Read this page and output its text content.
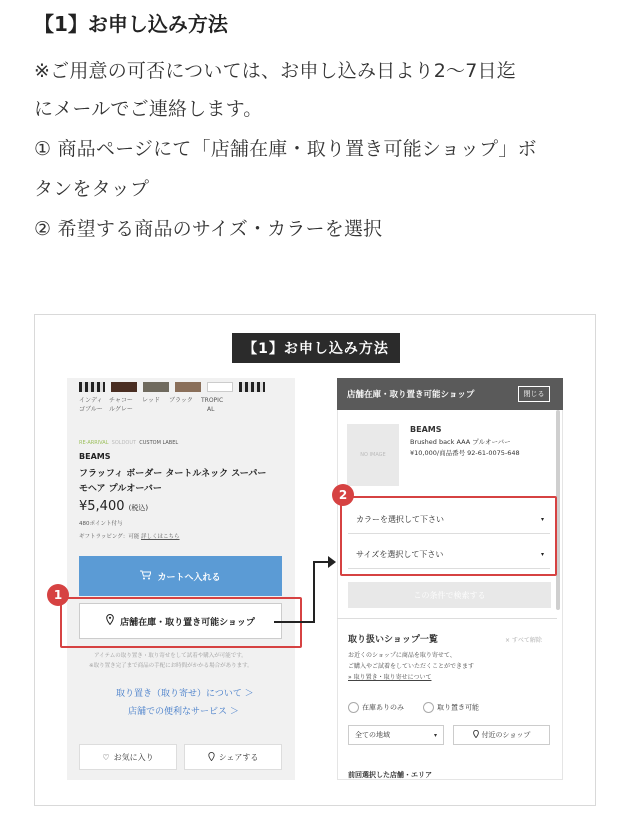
【1】お申し込み方法
※ご用意の可否については、お申し込み日より2〜7日迄
にメールでご連絡します。
① 商品ページにて「店舗在庫・取り置き可能ショップ」ボ
タンをタップ
② 希望する商品のサイズ・カラーを選択
【1】お申し込み方法
インディ チャコー レッド ブラック TROPIC
ゴブルー ルグレー	AL
RE-ARRIVAL SOLDOUT CUSTOM LABEL
BEAMS
フラッフィ ボーダー タートルネック スーパー
モヘア プルオーバー
¥5,400 (税込)
480ポイント付与
ギフトラッピング：可能 詳しくはこちら
カートへ入れる
店舗在庫・取り置き可能ショップ
1
アイテムの取り置き・取り寄せをして試着や購入が可能です。
※取り置き完了まで商品の手配にお時間がかかる場合があります。
取り置き（取り寄せ）について ＞
店舗での便利なサービス ＞
♡ お気に入り	シェアする
店舗在庫・取り置き可能ショップ	閉じる
NO IMAGE
BEAMS
Brushed back AAA プルオーバー
¥10,000/商品番号 92-61-0075-648
カラーを選択して下さい	▾
サイズを選択して下さい	▾
2
この条件で検索する
取り扱いショップ一覧	× すべて解除
お近くのショップに商品を取り寄せて、
ご購入やご試着をしていただくことができます
» 取り置き・取り寄せについて
在庫ありのみ	取り置き可能
全ての地域	▾	付近のショップ
前回選択した店舗・エリア
